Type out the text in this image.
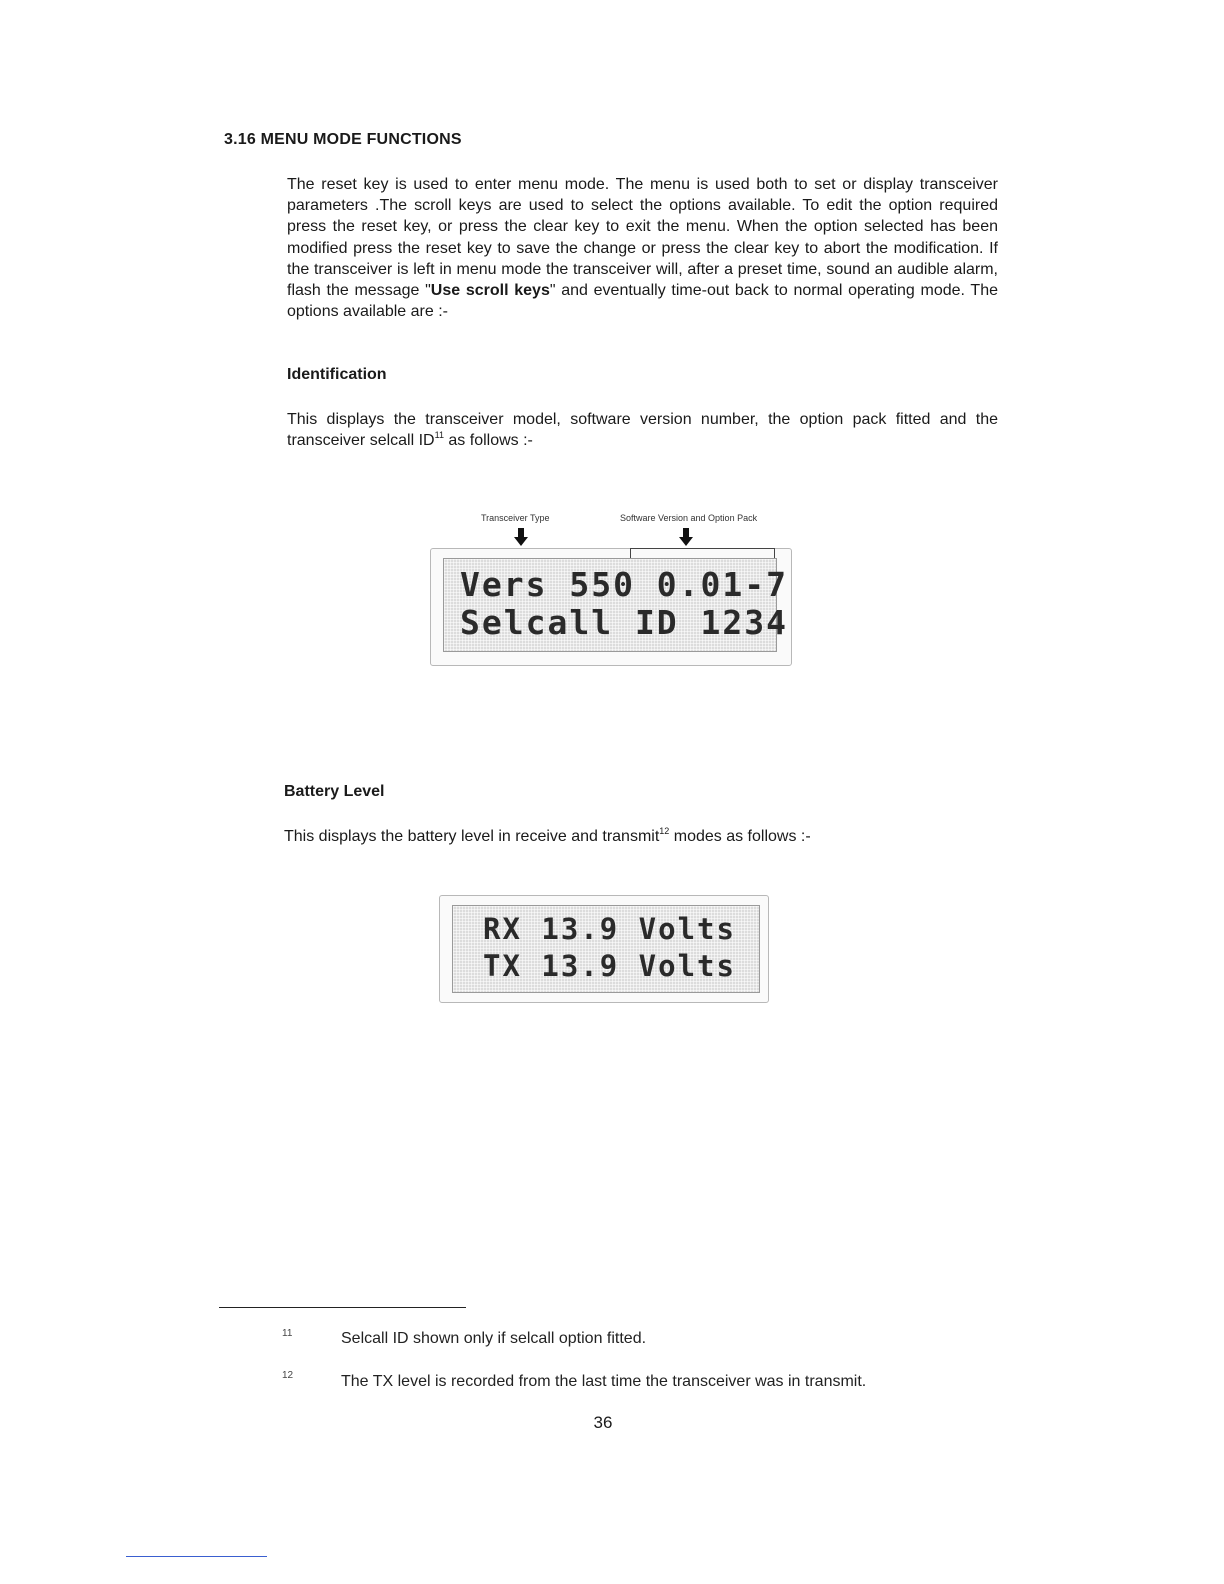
3.16 MENU MODE FUNCTIONS
The reset key is used to enter menu mode. The menu is used both to set or display transceiver parameters .The scroll keys are used to select the options available. To edit the option required press the reset key, or press the clear key to exit the menu. When the option selected has been modified press the reset key to save the change or press the clear key to abort the modification. If the transceiver is left in menu mode the transceiver will, after a preset time, sound an audible alarm, flash the message "Use scroll keys" and eventually time-out back to normal operating mode. The options available are :-
Identification
This displays the transceiver model, software version number, the option pack fitted and the transceiver selcall ID$^{11}$ as follows :-
Transceiver Type	Software Version and Option Pack
Vers 550 0.01-7
Selcall ID 1234
Battery Level
This displays the battery level in receive and transmit$^{12}$ modes as follows :-
RX 13.9 Volts
TX 13.9 Volts
11	Selcall ID shown only if selcall option fitted.
12	The TX level is recorded from the last time the transceiver was in transmit.
36
